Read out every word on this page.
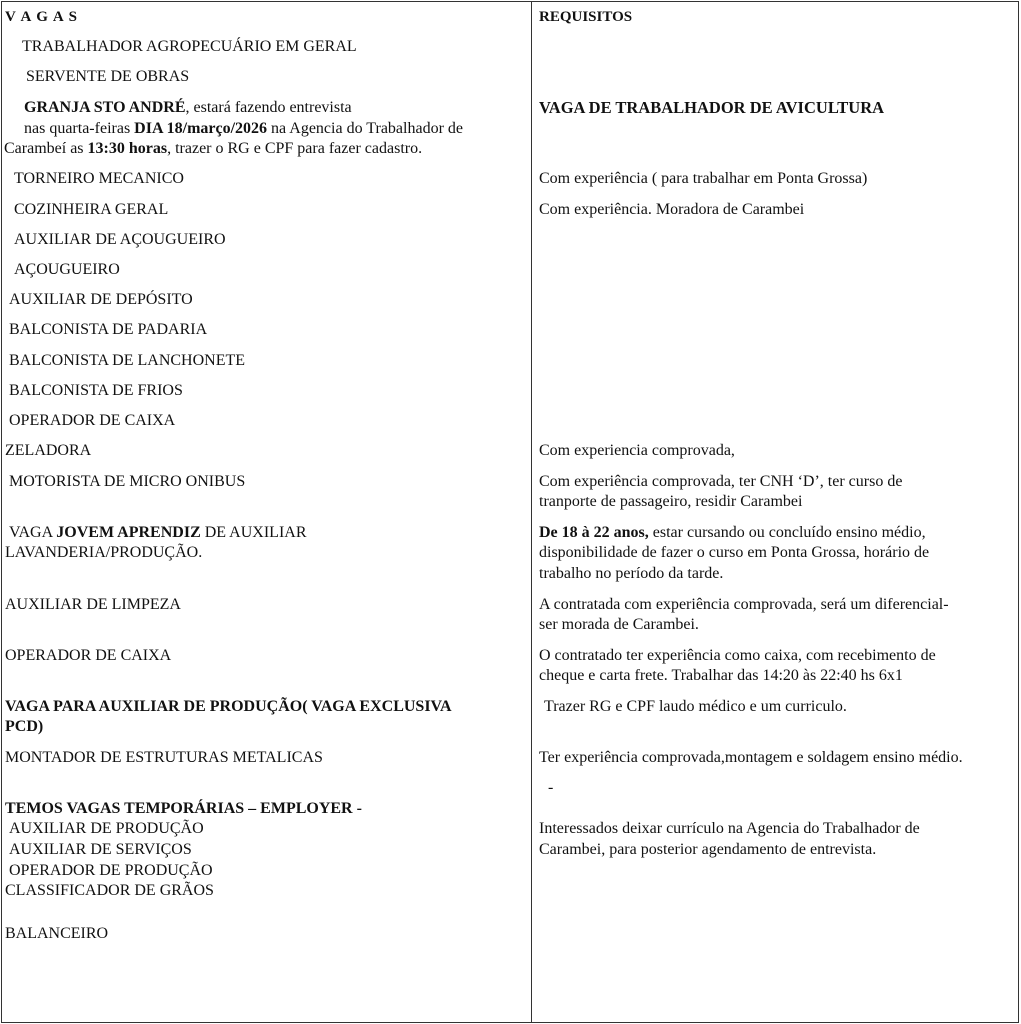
V A G A S
TRABALHADOR AGROPECUÁRIO EM GERAL
SERVENTE DE OBRAS
GRANJA STO ANDRÉ, estará fazendo entrevista
nas quarta-feiras DIA 18/março/2026 na Agencia do Trabalhador de
Carambeí as 13:30 horas, trazer o RG e CPF para fazer cadastro.
TORNEIRO MECANICO
COZINHEIRA GERAL
AUXILIAR DE AÇOUGUEIRO
AÇOUGUEIRO
AUXILIAR DE DEPÓSITO
BALCONISTA DE PADARIA
BALCONISTA DE LANCHONETE
BALCONISTA DE FRIOS
OPERADOR DE CAIXA
ZELADORA
MOTORISTA DE MICRO ONIBUS
VAGA JOVEM APRENDIZ DE AUXILIAR
LAVANDERIA/PRODUÇÃO.
AUXILIAR DE LIMPEZA
OPERADOR DE CAIXA
VAGA PARA AUXILIAR DE PRODUÇÃO( VAGA EXCLUSIVA
PCD)
MONTADOR DE ESTRUTURAS METALICAS
TEMOS VAGAS TEMPORÁRIAS – EMPLOYER -
AUXILIAR DE PRODUÇÃO
AUXILIAR DE SERVIÇOS
OPERADOR DE PRODUÇÃO
CLASSIFICADOR DE GRÃOS
BALANCEIRO
REQUISITOS
VAGA DE TRABALHADOR DE AVICULTURA
Com experiência ( para trabalhar em Ponta Grossa)
Com experiência. Moradora de Carambei
Com experiencia comprovada,
Com experiência comprovada, ter CNH ‘D’, ter curso de
tranporte de passageiro, residir Carambei
De 18 à 22 anos, estar cursando ou concluído ensino médio,
disponibilidade de fazer o curso em Ponta Grossa, horário de
trabalho no período da tarde.
A contratada com experiência comprovada, será um diferencial-
ser morada de Carambei.
O contratado ter experiência como caixa, com recebimento de
cheque e carta frete. Trabalhar das 14:20 às 22:40 hs 6x1
Trazer RG e CPF laudo médico e um curriculo.
Ter experiência comprovada,montagem e soldagem ensino médio.
-
Interessados deixar currículo na Agencia do Trabalhador de
Carambei, para posterior agendamento de entrevista.
